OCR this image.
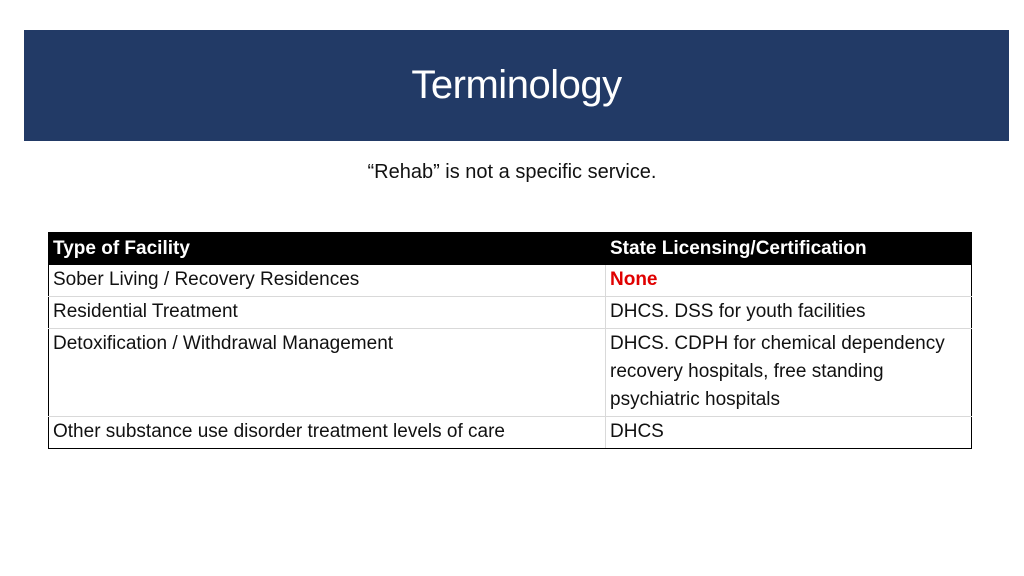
Terminology
“Rehab” is not a specific service.
Type of Facility	State Licensing/Certification
Sober Living / Recovery Residences	None
Residential Treatment	DHCS. DSS for youth facilities
Detoxification / Withdrawal Management	DHCS. CDPH for chemical dependency recovery hospitals, free standing psychiatric hospitals
Other substance use disorder treatment levels of care	DHCS
